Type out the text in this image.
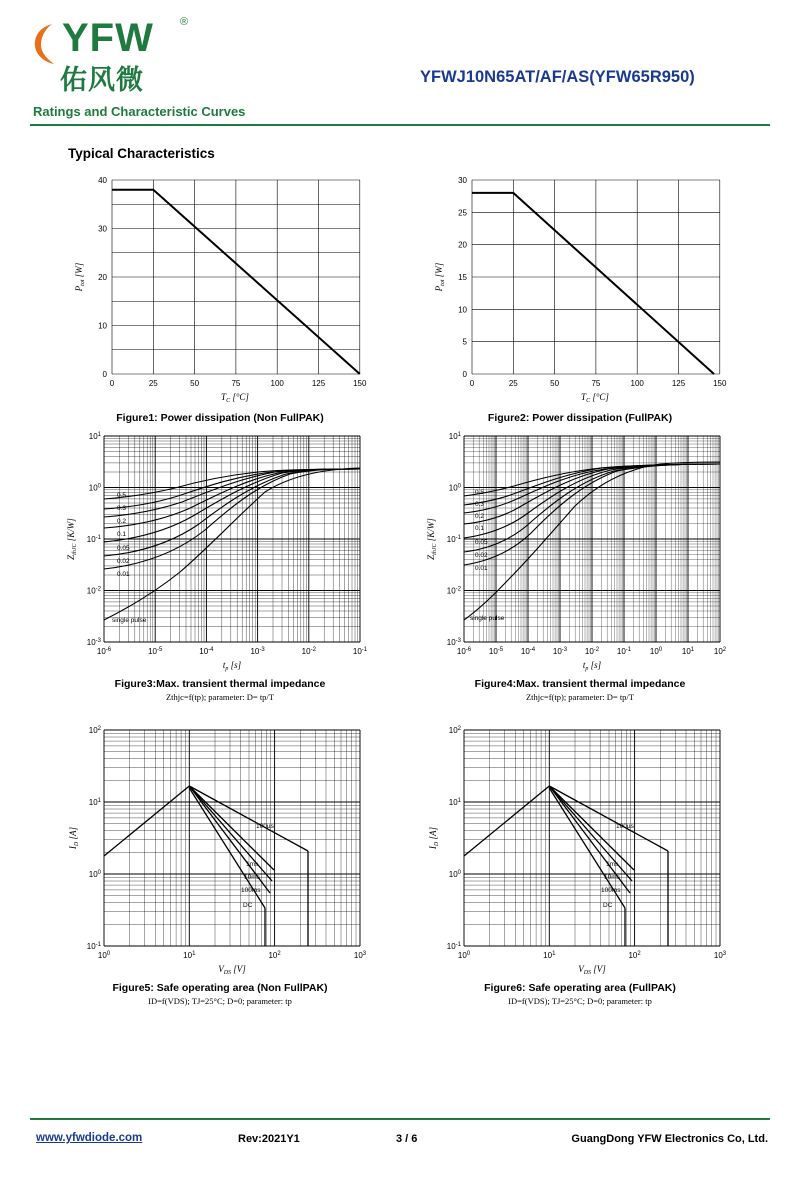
YFW ®
佑风微	YFWJ10N65AT/AF/AS(YFW65R950)
Ratings and Characteristic Curves
Typical Characteristics
0
10
20
30
40
0	25	50	75	100	125	150
TC [°C]
Ptot [W]
Figure1: Power dissipation (Non FullPAK)
0
5
10
15
20
25
30
0	25	50	75	100	125	150
TC [°C]
Ptot [W]
Figure2: Power dissipation (FullPAK)
0.5
0.3
0.2
0.1
0.05
0.02
0.01
single pulse
$10^{-3}$
$10^{-2}$
$10^{-1}$
$10^0$
$10^1$
$10^{-6}$	$10^{-5}$	$10^{-4}$	$10^{-3}$	$10^{-2}$	$10^{-1}$
tp [s]
ZthJC [K/W]
Figure3:Max. transient thermal impedance
Zthjc=f(tp); parameter: D= tp/T
0.5
0.3
0.2
0.1
0.05
0.02
0.01
single pulse
$10^{-3}$
$10^{-2}$
$10^{-1}$
$10^0$
$10^1$
$10^{-6}$ $10^{-5}$ $10^{-4}$ $10^{-3}$ $10^{-2}$ $10^{-1}$ $10^0$ $10^1$ $10^2$
tp [s]
ZthJC [K/W]
Figure4:Max. transient thermal impedance
Zthjc=f(tp); parameter: D= tp/T
100µs
1ms
10ms
100ms
DC
$10^{-1}$
$10^0$
$10^1$
$10^2$
$10^0$	$10^1$	$10^2$	$10^3$
VDS [V]
ID [A]
Figure5: Safe operating area (Non FullPAK)
ID=f(VDS); TJ=25°C; D=0; parameter: tp
100µs
1ms
10ms
100ms
DC
$10^{-1}$
$10^0$
$10^1$
$10^2$
$10^0$	$10^1$	$10^2$	$10^3$
VDS [V]
ID [A]
Figure6: Safe operating area (FullPAK)
ID=f(VDS); TJ=25°C; D=0; parameter: tp
www.yfwdiode.com	Rev:2021Y1	3 / 6	GuangDong YFW Electronics Co, Ltd.
